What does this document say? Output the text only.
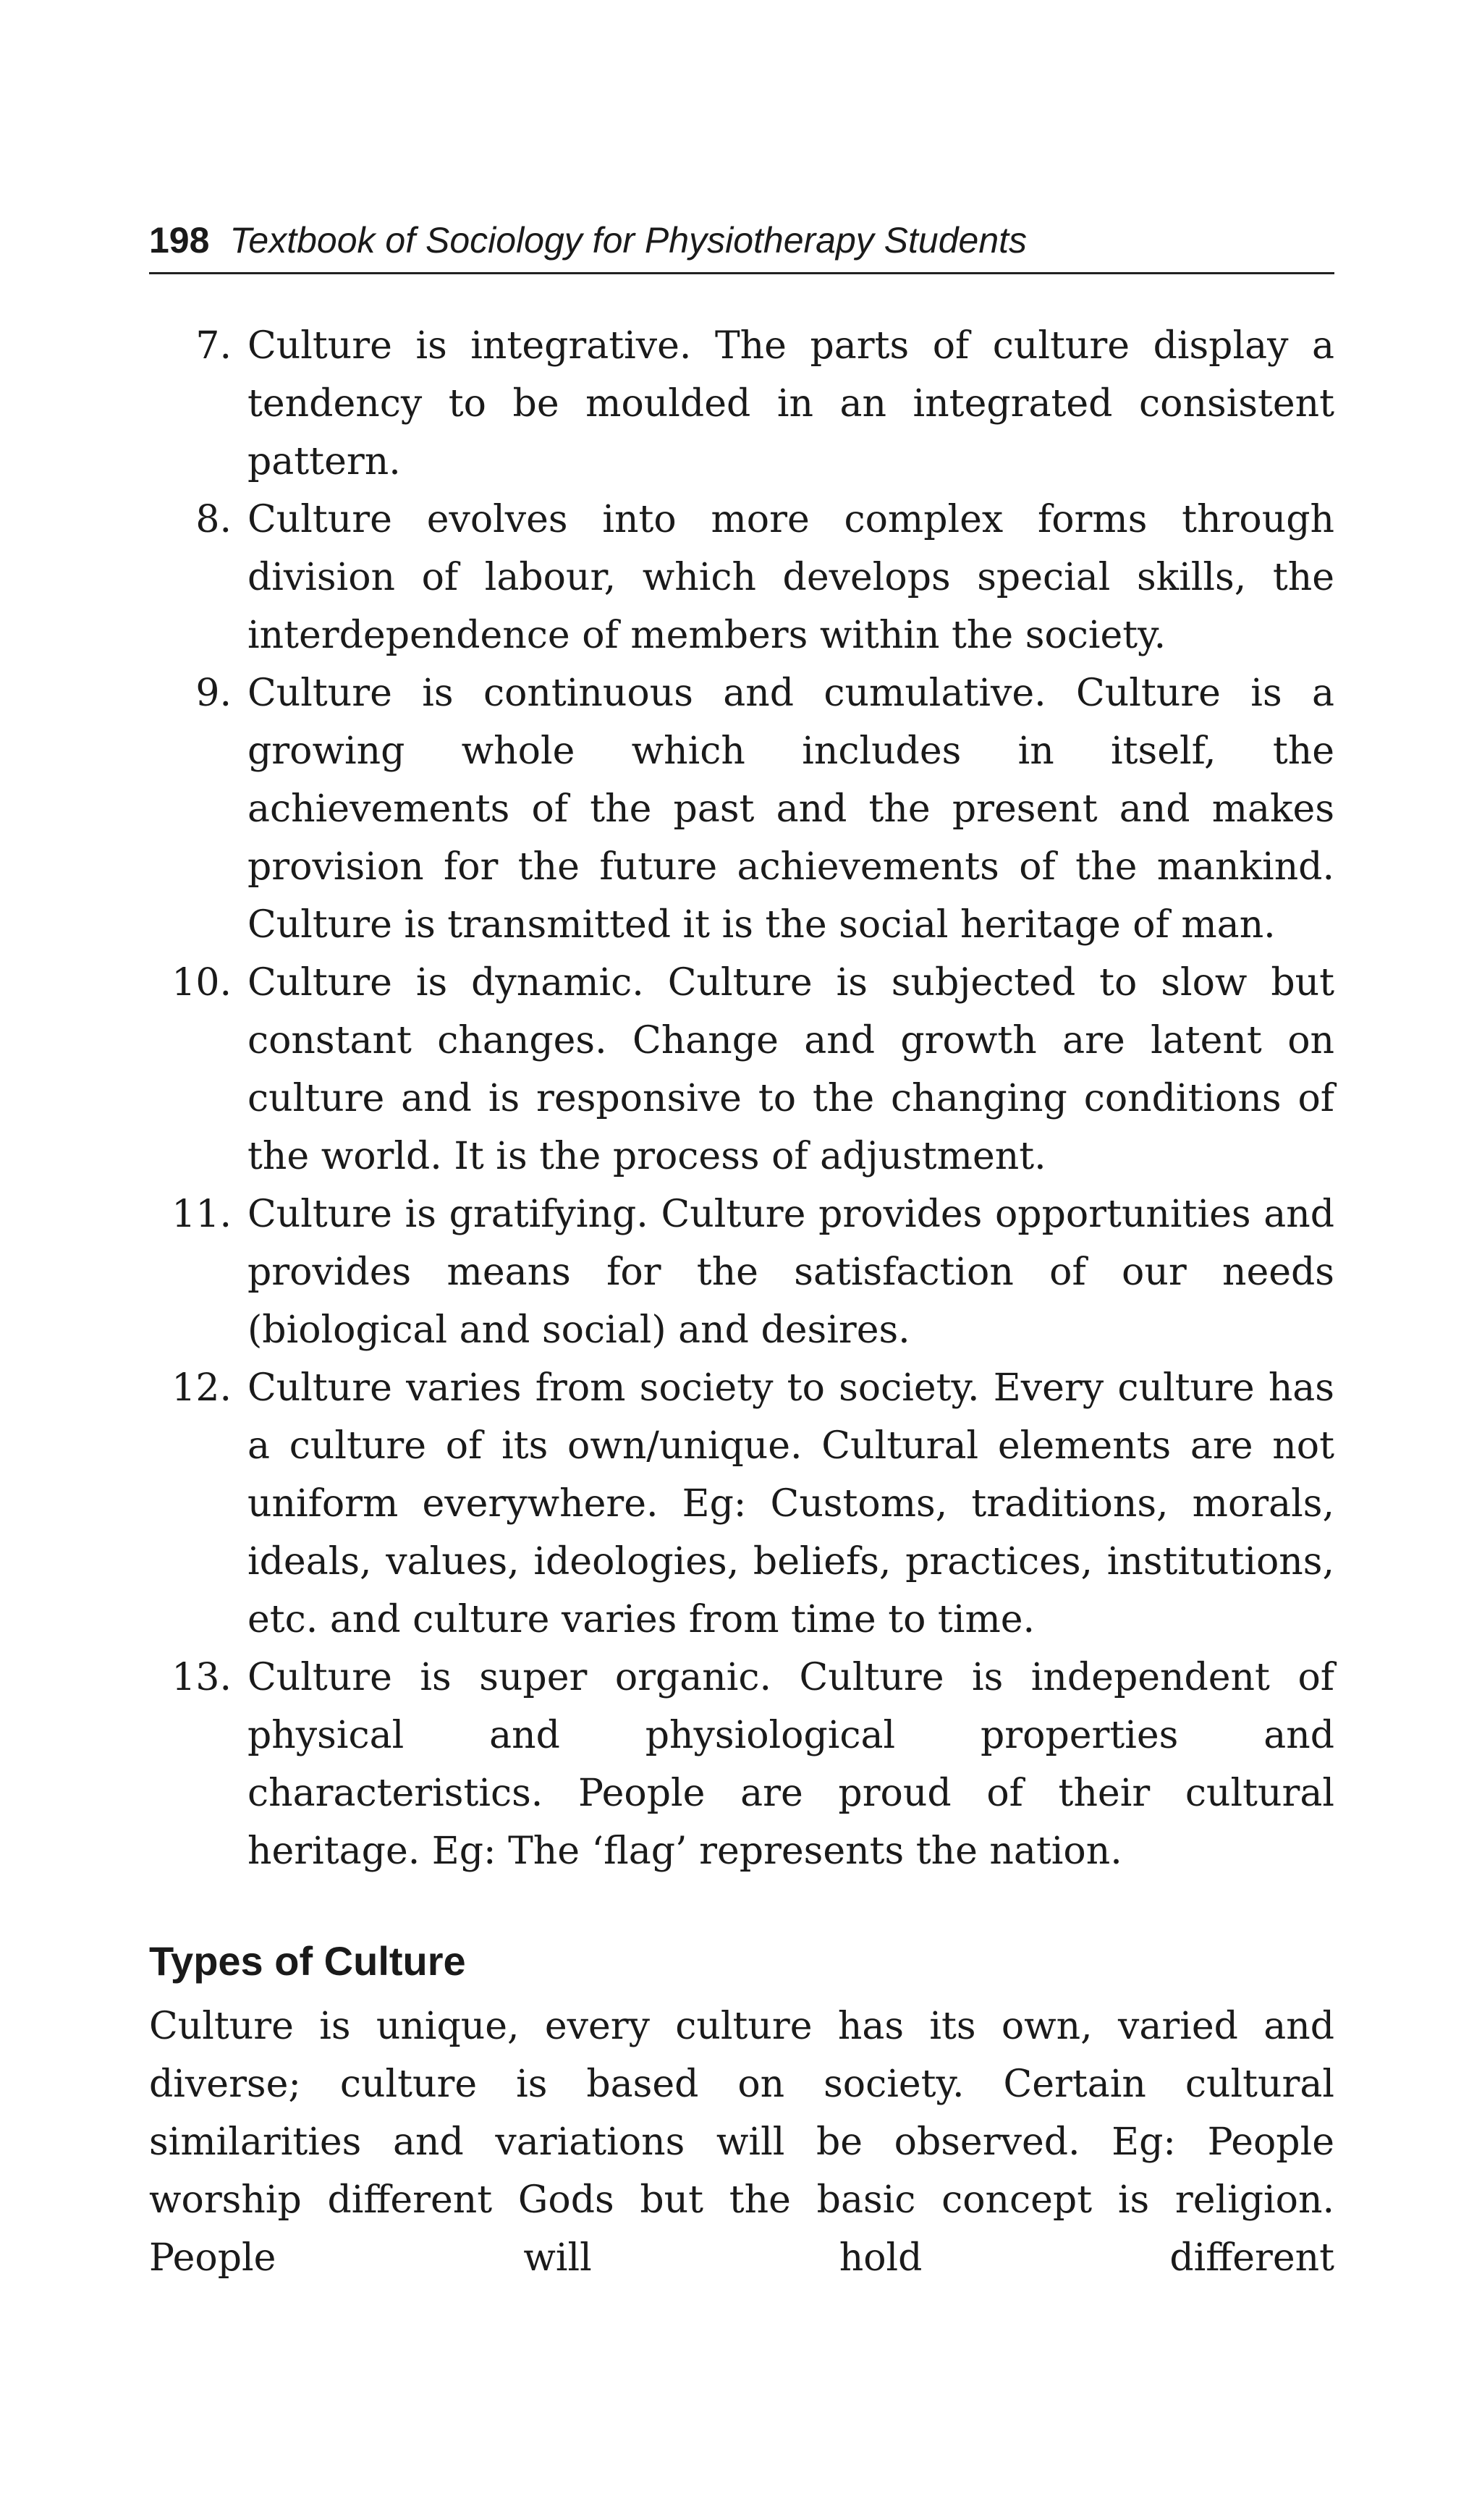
198 Textbook of Sociology for Physiotherapy Students
7. Culture is integrative. The parts of culture display a tendency to be moulded in an integrated consistent pattern.
8. Culture evolves into more complex forms through division of labour, which develops special skills, the interdependence of members within the society.
9. Culture is continuous and cumulative. Culture is a growing whole which includes in itself, the achievements of the past and the present and makes provision for the future achievements of the mankind. Culture is transmitted it is the social heritage of man.
10. Culture is dynamic. Culture is subjected to slow but constant changes. Change and growth are latent on culture and is responsive to the changing conditions of the world. It is the process of adjustment.
11. Culture is gratifying. Culture provides opportunities and provides means for the satisfaction of our needs (biological and social) and desires.
12. Culture varies from society to society. Every culture has a culture of its own/unique. Cultural elements are not uniform everywhere. Eg: Customs, traditions, morals, ideals, values, ideologies, beliefs, practices, institutions, etc. and culture varies from time to time.
13. Culture is super organic. Culture is independent of physical and physiological properties and characteristics. People are proud of their cultural heritage. Eg: The ‘flag’ represents the nation.
Types of Culture

Culture is unique, every culture has its own, varied and diverse; culture is based on society. Certain cultural similarities and variations will be observed. Eg: People worship different Gods but the basic concept is religion. People will hold different
